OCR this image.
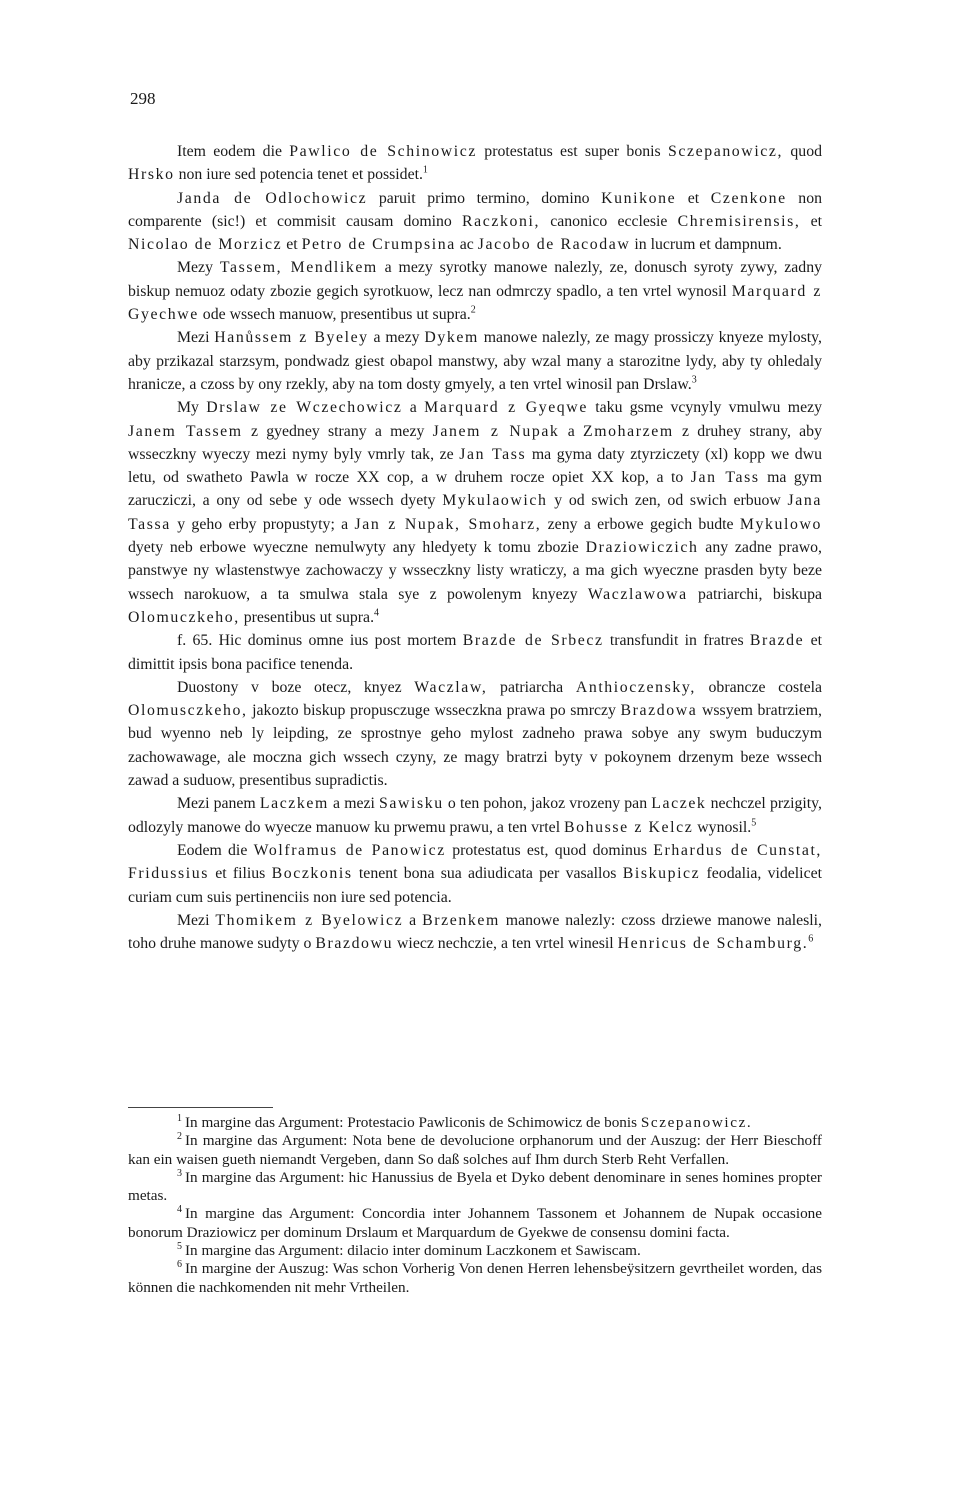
298

Item eodem die Pawlico de Schinowicz protestatus est super bonis Sczepanowicz, quod Hrsko non iure sed potencia tenet et possidet.$^1$

Janda de Odlochowicz paruit primo termino, domino Kunikone et Czenkone non comparente (sic!) et commisit causam domino Raczkoni, canonico ecclesie Chremisirensis, et Nicolao de Morzicz et Petro de Crumpsina ac Jacobo de Racodaw in lucrum et dampnum.

Mezy Tassem, Mendlikem a mezy syrotky manowe nalezly, ze, donusch syroty zywy, zadny biskup nemuoz odaty zbozie gegich syrotkuow, lecz nan odmrczy spadlo, a ten vrtel wynosil Marquard z Gyechwe ode wssech manuow, presentibus ut supra.$^2$

Mezi Hanůssem z Byeley a mezy Dykem manowe nalezly, ze magy prossiczy knyeze mylosty, aby przikazal starzsym, pondwadz giest obapol manstwy, aby wzal many a starozitne lydy, aby ty ohledaly hranicze, a czoss by ony rzekly, aby na tom dosty gmyely, a ten vrtel winosil pan Drslaw.$^3$

My Drslaw ze Wczechowicz a Marquard z Gyeqwe taku gsme vcynyly vmulwu mezy Janem Tassem z gyedney strany a mezy Janem z Nupak a Zmoharzem z druhey strany, aby wsseczkny wyeczy mezi nymy byly vmrly tak, ze Jan Tass ma gyma daty ztyrziczety (xl) kopp we dwu letu, od swatheto Pawla w rocze XX cop, a w druhem rocze opiet XX kop, a to Jan Tass ma gym zarucziczi, a ony od sebe y ode wssech dyety Mykulaowich y od swich zen, od swich erbuow Jana Tassa y geho erby propustyty; a Jan z Nupak, Smoharz, zeny a erbowe gegich budte Mykulowo dyety neb erbowe wyeczne nemulwyty any hledyety k tomu zbozie Draziowiczich any zadne prawo, panstwye ny wlastenstwye zachowaczy y wsseczkny listy wraticzy, a ma gich wyeczne prasden byty beze wssech narokuow, a ta smulwa stala sye z powolenym knyezy Waczlawowa patriarchi, biskupa Olomuczkeho, presentibus ut supra.$^4$

f. 65. Hic dominus omne ius post mortem Brazde de Srbecz transfundit in fratres Brazde et dimittit ipsis bona pacifice tenenda.

Duostony v boze otecz, knyez Waczlaw, patriarcha Anthioczensky, obrancze costela Olomusczkeho, jakozto biskup propusczuge wsseczkna prawa po smrczy Brazdowa wssyem bratrziem, bud wyenno neb ly leipding, ze sprostnye geho mylost zadneho prawa sobye any swym buduczym zachowawage, ale moczna gich wssech czyny, ze magy bratrzi byty v pokoynem drzenym beze wssech zawad a suduow, presentibus supradictis.

Mezi panem Laczkem a mezi Sawisku o ten pohon, jakoz vrozeny pan Laczek nechczel przigity, odlozyly manowe do wyecze manuow ku prwemu prawu, a ten vrtel Bohusse z Kelcz wynosil.$^5$

Eodem die Wolframus de Panowicz protestatus est, quod dominus Erhardus de Cunstat, Fridussius et filius Boczkonis tenent bona sua adiudicata per vasallos Biskupicz feodalia, videlicet curiam cum suis pertinenciis non iure sed potencia.

Mezi Thomikem z Byelowicz a Brzenkem manowe nalezly: czoss drziewe manowe nalesli, toho druhe manowe sudyty o Brazdowu wiecz nechczie, a ten vrtel winesil Henricus de Schamburg.$^6$

$^1$ In margine das Argument: Protestacio Pawliconis de Schimowicz de bonis Sczepanowicz.

$^2$ In margine das Argument: Nota bene de devolucione orphanorum und der Auszug: der Herr Bieschoff kan ein waisen gueth niemandt Vergeben, dann So daß solches auf Ihm durch Sterb Reht Verfallen.

$^3$ In margine das Argument: hic Hanussius de Byela et Dyko debent denominare in senes homines propter metas.

$^4$ In margine das Argument: Concordia inter Johannem Tassonem et Johannem de Nupak occasione bonorum Draziowicz per dominum Drslaum et Marquardum de Gyekwe de consensu domini facta.

$^5$ In margine das Argument: dilacio inter dominum Laczkonem et Sawiscam.

$^6$ In margine der Auszug: Was schon Vorherig Von denen Herren lehensbeÿsitzern gevrtheilet worden, das können die nachkomenden nit mehr Vrtheilen.
